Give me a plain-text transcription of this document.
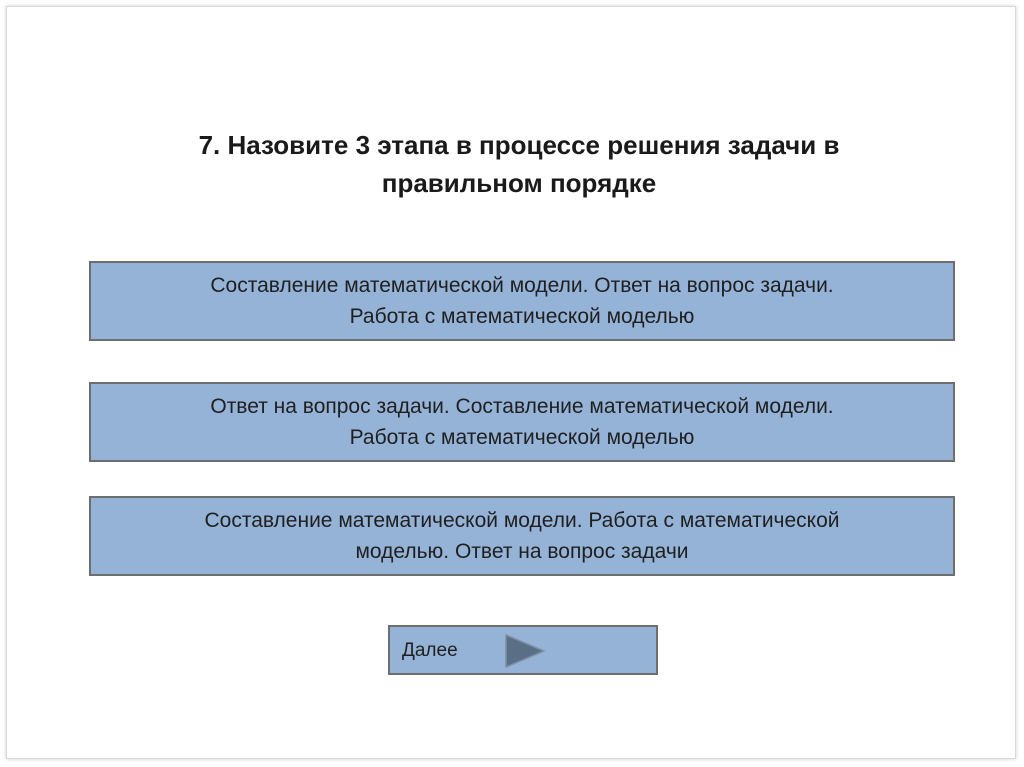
7. Назовите 3 этапа в процессе решения задачи в
правильном порядке
Составление математической модели. Ответ на вопрос задачи.
Работа с математической моделью
Ответ на вопрос задачи. Составление математической модели.
Работа с математической моделью
Составление математической модели. Работа с математической
моделью. Ответ на вопрос задачи
Далее
